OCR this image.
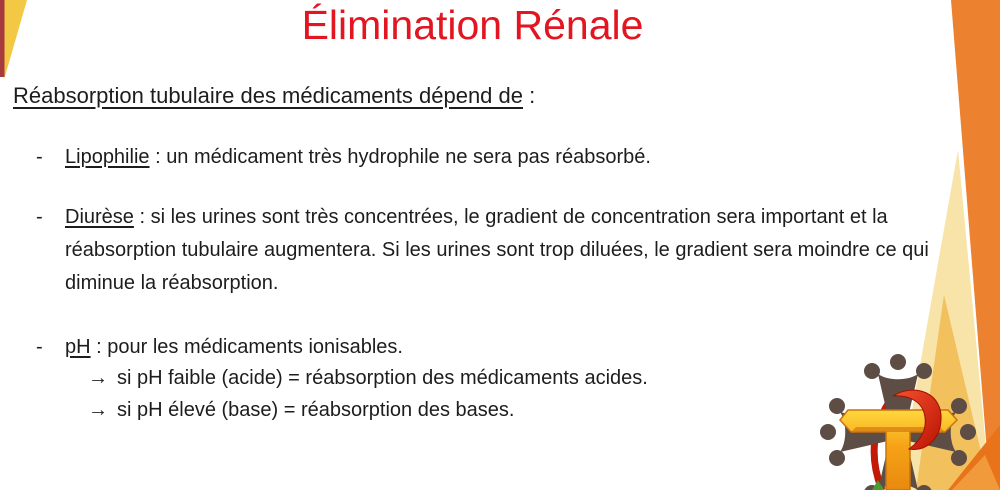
Élimination Rénale
Réabsorption tubulaire des médicaments dépend de :
-	Lipophilie : un médicament très hydrophile ne sera pas réabsorbé.
-	Diurèse : si les urines sont très concentrées, le gradient de concentration sera important et la réabsorption tubulaire augmentera. Si les urines sont trop diluées, le gradient sera moindre ce qui diminue la réabsorption.
-	pH : pour les médicaments ionisables.
→ si pH faible (acide) = réabsorption des médicaments acides.
→ si pH élevé (base) = réabsorption des bases.
